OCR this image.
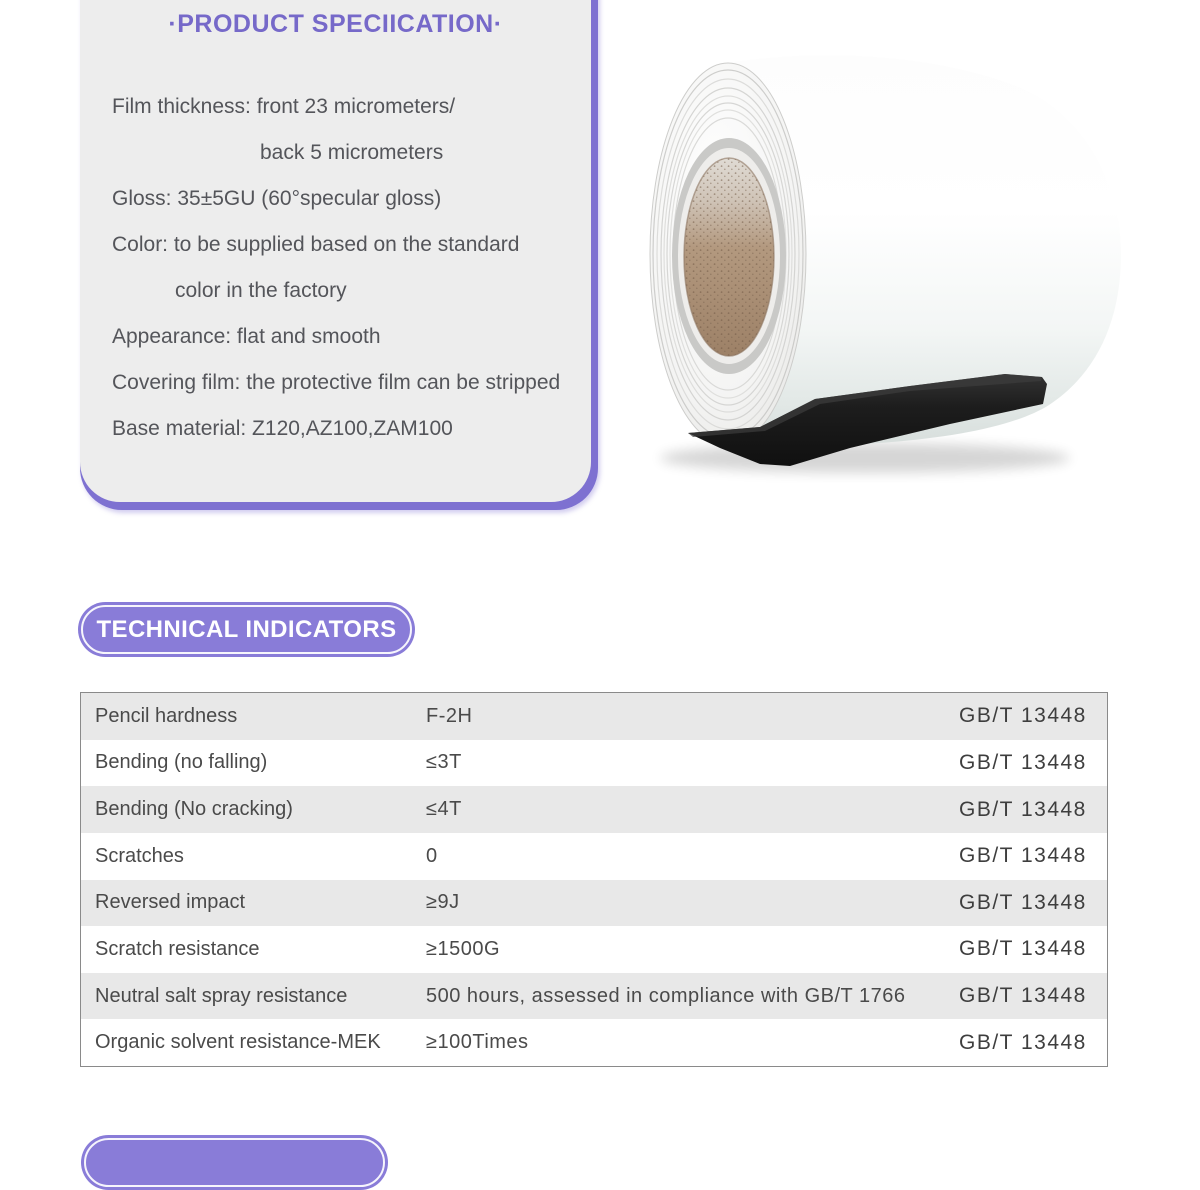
·PRODUCT SPECIICATION·

Film thickness: front 23 micrometers/

back 5 micrometers

Gloss: 35±5GU (60°specular gloss)

Color: to be supplied based on the standard

color in the factory

Appearance: flat and smooth

Covering film: the protective film can be stripped

Base material: Z120,AZ100,ZAM100

TECHNICAL INDICATORS
Pencil hardness	F-2H	GB/T 13448
Bending (no falling)	≤3T	GB/T 13448
Bending (No cracking)	≤4T	GB/T 13448
Scratches	0	GB/T 13448
Reversed impact	≥9J	GB/T 13448
Scratch resistance	≥1500G	GB/T 13448
Neutral salt spray resistance	500 hours, assessed in compliance with GB/T 1766	GB/T 13448
Organic solvent resistance-MEK	≥100Times	GB/T 13448
